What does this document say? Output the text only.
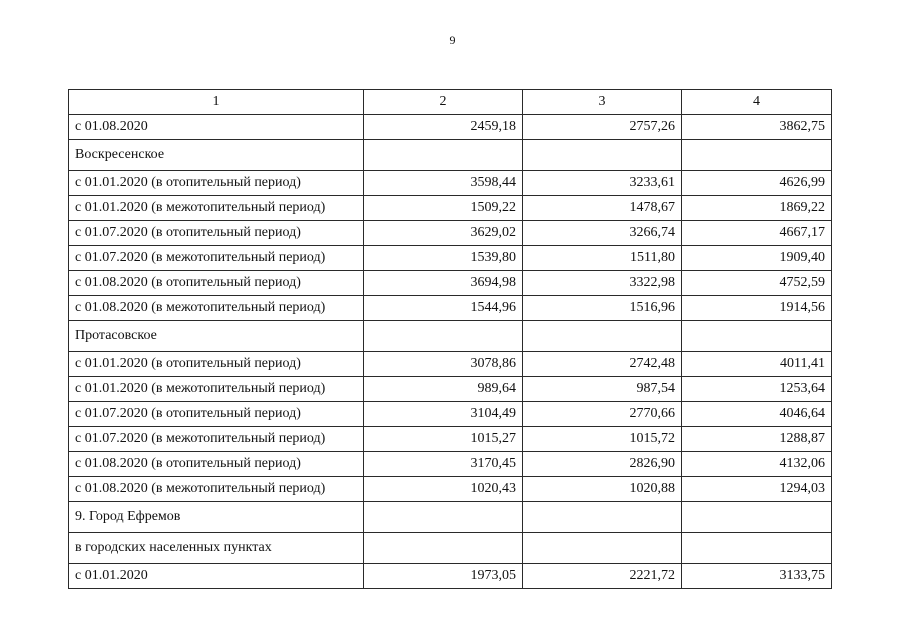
9
1	2	3	4
с 01.08.2020	2459,18	2757,26	3862,75
Воскресенское			
с 01.01.2020 (в отопительный период)	3598,44	3233,61	4626,99
с 01.01.2020 (в межотопительный период)	1509,22	1478,67	1869,22
с 01.07.2020 (в отопительный период)	3629,02	3266,74	4667,17
с 01.07.2020 (в межотопительный период)	1539,80	1511,80	1909,40
с 01.08.2020 (в отопительный период)	3694,98	3322,98	4752,59
с 01.08.2020 (в межотопительный период)	1544,96	1516,96	1914,56
Протасовское			
с 01.01.2020 (в отопительный период)	3078,86	2742,48	4011,41
с 01.01.2020 (в межотопительный период)	989,64	987,54	1253,64
с 01.07.2020 (в отопительный период)	3104,49	2770,66	4046,64
с 01.07.2020 (в межотопительный период)	1015,27	1015,72	1288,87
с 01.08.2020 (в отопительный период)	3170,45	2826,90	4132,06
с 01.08.2020 (в межотопительный период)	1020,43	1020,88	1294,03
9. Город Ефремов			
в городских населенных пунктах			
с 01.01.2020	1973,05	2221,72	3133,75
